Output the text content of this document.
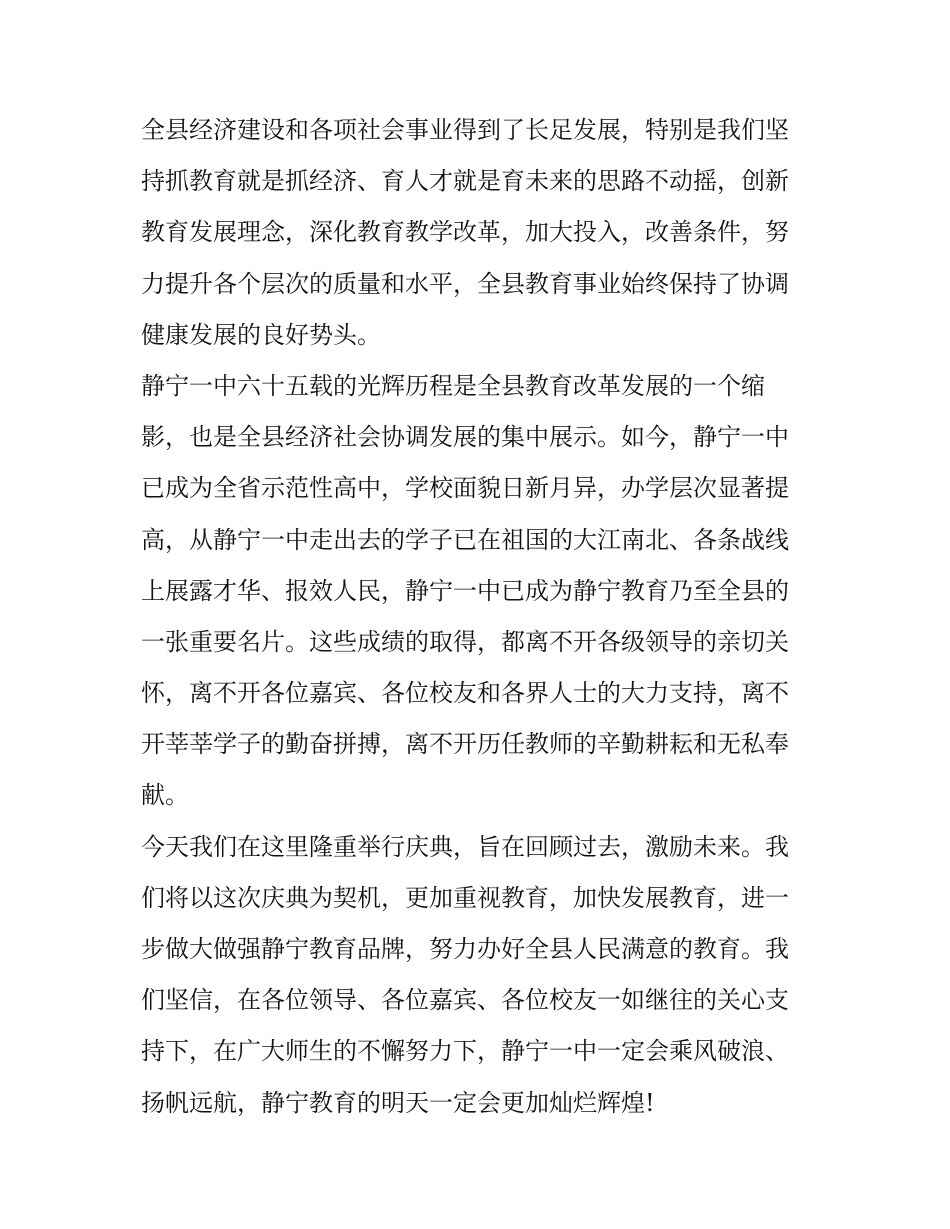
全县经济建设和各项社会事业得到了长足发展，特别是我们坚
持抓教育就是抓经济、育人才就是育未来的思路不动摇，创新
教育发展理念，深化教育教学改革，加大投入，改善条件，努
力提升各个层次的质量和水平，全县教育事业始终保持了协调
健康发展的良好势头。
静宁一中六十五载的光辉历程是全县教育改革发展的一个缩
影，也是全县经济社会协调发展的集中展示。如今，静宁一中
已成为全省示范性高中，学校面貌日新月异，办学层次显著提
高，从静宁一中走出去的学子已在祖国的大江南北、各条战线
上展露才华、报效人民，静宁一中已成为静宁教育乃至全县的
一张重要名片。这些成绩的取得，都离不开各级领导的亲切关
怀，离不开各位嘉宾、各位校友和各界人士的大力支持，离不
开莘莘学子的勤奋拼搏，离不开历任教师的辛勤耕耘和无私奉
献。
今天我们在这里隆重举行庆典，旨在回顾过去，激励未来。我
们将以这次庆典为契机，更加重视教育，加快发展教育，进一
步做大做强静宁教育品牌，努力办好全县人民满意的教育。我
们坚信，在各位领导、各位嘉宾、各位校友一如继往的关心支
持下，在广大师生的不懈努力下，静宁一中一定会乘风破浪、
扬帆远航，静宁教育的明天一定会更加灿烂辉煌!
